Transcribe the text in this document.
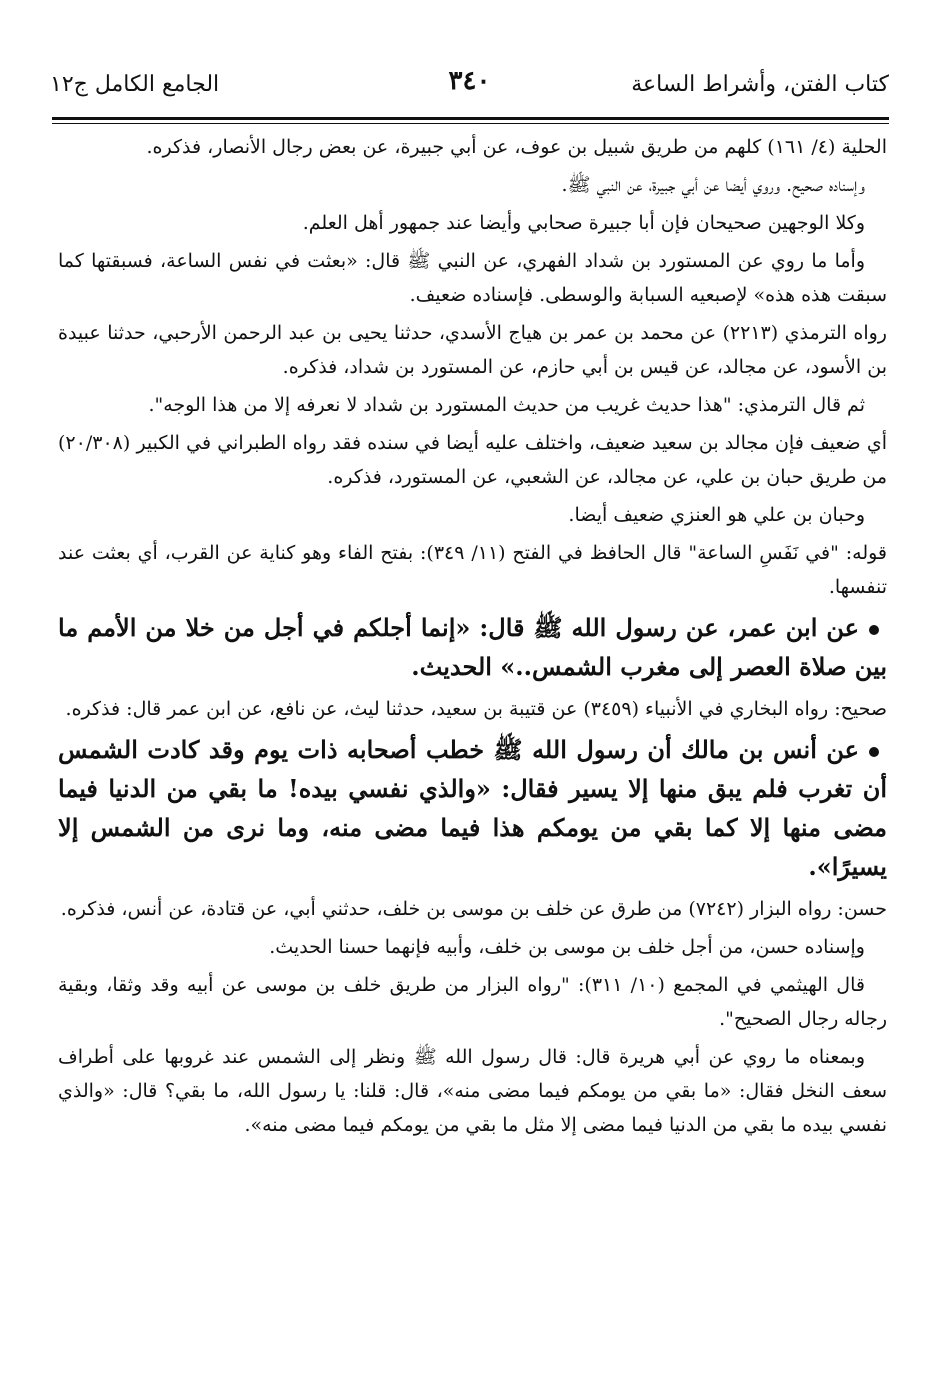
كتاب الفتن، وأشراط الساعة
٣٤٠
الجامع الكامل ج١٢

الحلية (٤/ ١٦١) كلهم من طريق شبيل بن عوف، عن أبي جبيرة، عن بعض رجال الأنصار، فذكره.

وإسناده صحيح. وروي أيضا عن أبي جبيرة، عن النبي ﷺ.

وكلا الوجهين صحيحان فإن أبا جبيرة صحابي وأيضا عند جمهور أهل العلم.

وأما ما روي عن المستورد بن شداد الفهري، عن النبي ﷺ قال: «بعثت في نفس الساعة، فسبقتها كما سبقت هذه هذه» لإصبعيه السبابة والوسطى. فإسناده ضعيف.

رواه الترمذي (٢٢١٣) عن محمد بن عمر بن هياج الأسدي، حدثنا يحيى بن عبد الرحمن الأرحبي، حدثنا عبيدة بن الأسود، عن مجالد، عن قيس بن أبي حازم، عن المستورد بن شداد، فذكره.

ثم قال الترمذي: "هذا حديث غريب من حديث المستورد بن شداد لا نعرفه إلا من هذا الوجه".

أي ضعيف فإن مجالد بن سعيد ضعيف، واختلف عليه أيضا في سنده فقد رواه الطبراني في الكبير (٢٠/٣٠٨) من طريق حبان بن علي، عن مجالد، عن الشعبي، عن المستورد، فذكره.

وحبان بن علي هو العنزي ضعيف أيضا.

قوله: "في نَفَسِ الساعة" قال الحافظ في الفتح (١١/ ٣٤٩): بفتح الفاء وهو كناية عن القرب، أي بعثت عند تنفسها.

عن ابن عمر، عن رسول الله ﷺ قال: «إنما أجلكم في أجل من خلا من الأمم ما بين صلاة العصر إلى مغرب الشمس..» الحديث.

صحيح: رواه البخاري في الأنبياء (٣٤٥٩) عن قتيبة بن سعيد، حدثنا ليث، عن نافع، عن ابن عمر قال: فذكره.

عن أنس بن مالك أن رسول الله ﷺ خطب أصحابه ذات يوم وقد كادت الشمس أن تغرب فلم يبق منها إلا يسير فقال: «والذي نفسي بيده! ما بقي من الدنيا فيما مضى منها إلا كما بقي من يومكم هذا فيما مضى منه، وما نرى من الشمس إلا يسيرًا».

حسن: رواه البزار (٧٢٤٢) من طرق عن خلف بن موسى بن خلف، حدثني أبي، عن قتادة، عن أنس، فذكره.

وإسناده حسن، من أجل خلف بن موسى بن خلف، وأبيه فإنهما حسنا الحديث.

قال الهيثمي في المجمع (١٠/ ٣١١): "رواه البزار من طريق خلف بن موسى عن أبيه وقد وثقا، وبقية رجاله رجال الصحيح".

وبمعناه ما روي عن أبي هريرة قال: قال رسول الله ﷺ ونظر إلى الشمس عند غروبها على أطراف سعف النخل فقال: «ما بقي من يومكم فيما مضى منه»، قال: قلنا: يا رسول الله، ما بقي؟ قال: «والذي نفسي بيده ما بقي من الدنيا فيما مضى إلا مثل ما بقي من يومكم فيما مضى منه».
